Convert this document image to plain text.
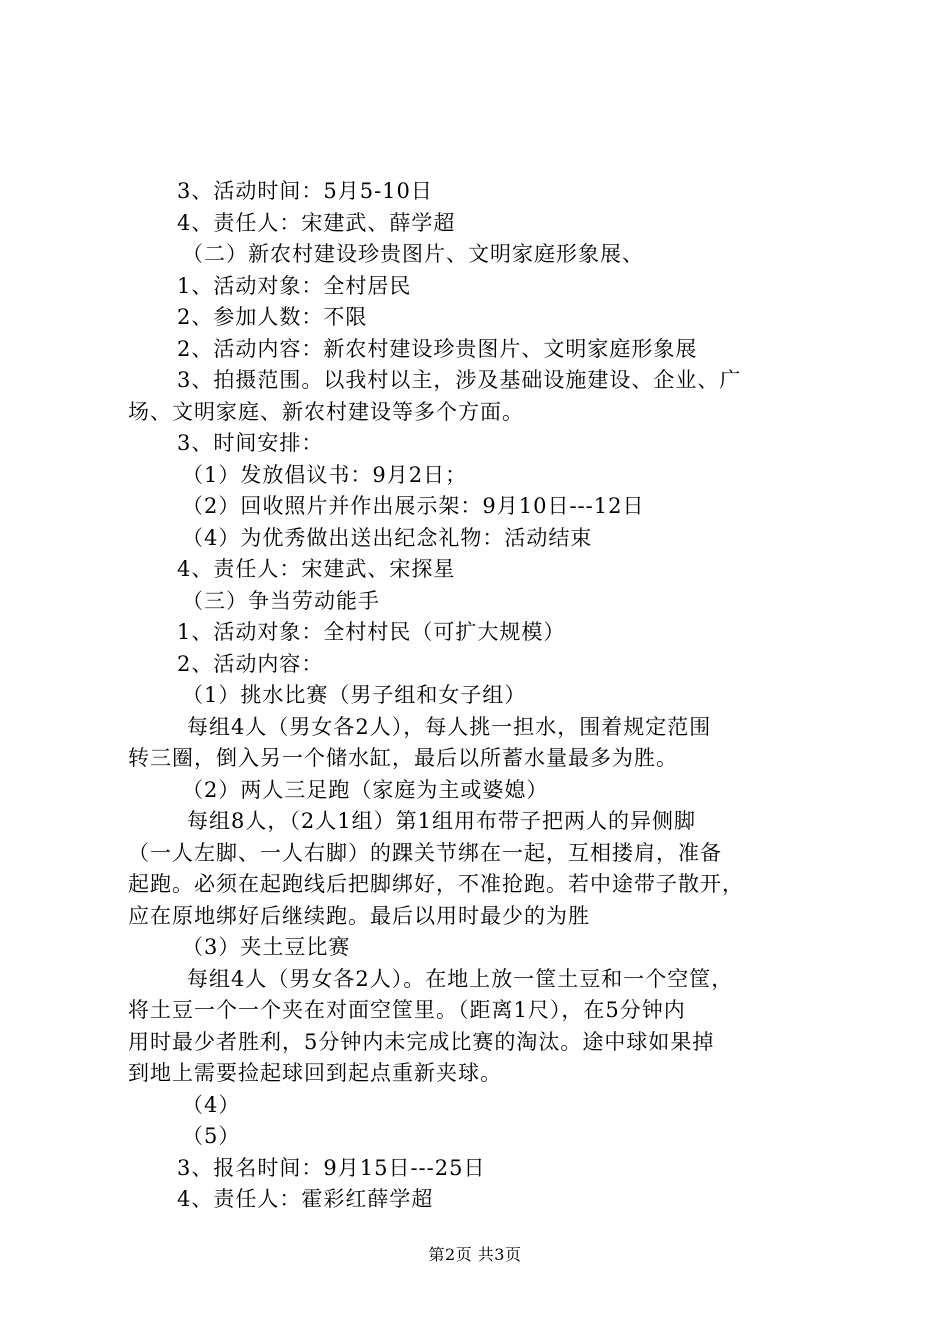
3、活动时间：5月5-10日
4、责任人：宋建武、薛学超
（二）新农村建设珍贵图片、文明家庭形象展、
1、活动对象：全村居民
2、参加人数：不限
2、活动内容：新农村建设珍贵图片、文明家庭形象展
3、拍摄范围。以我村以主，涉及基础设施建设、企业、广
场、文明家庭、新农村建设等多个方面。
3、时间安排：
（1）发放倡议书：9月2日；
（2）回收照片并作出展示架：9月10日---12日
（4）为优秀做出送出纪念礼物：活动结束
4、责任人：宋建武、宋探星
（三）争当劳动能手
1、活动对象：全村村民（可扩大规模）
2、活动内容：
（1）挑水比赛（男子组和女子组）
每组4人（男女各2人），每人挑一担水，围着规定范围
转三圈，倒入另一个储水缸，最后以所蓄水量最多为胜。
（2）两人三足跑（家庭为主或婆媳）
每组8人，（2人1组）第1组用布带子把两人的异侧脚
（一人左脚、一人右脚）的踝关节绑在一起，互相搂肩，准备
起跑。必须在起跑线后把脚绑好，不准抢跑。若中途带子散开，
应在原地绑好后继续跑。最后以用时最少的为胜
（3）夹土豆比赛
每组4人（男女各2人）。在地上放一筐土豆和一个空筐，
将土豆一个一个夹在对面空筐里。（距离1尺），在5分钟内
用时最少者胜利，5分钟内未完成比赛的淘汰。途中球如果掉
到地上需要捡起球回到起点重新夹球。
（4）
（5）
3、报名时间：9月15日---25日
4、责任人：霍彩红薛学超
第2页 共3页
